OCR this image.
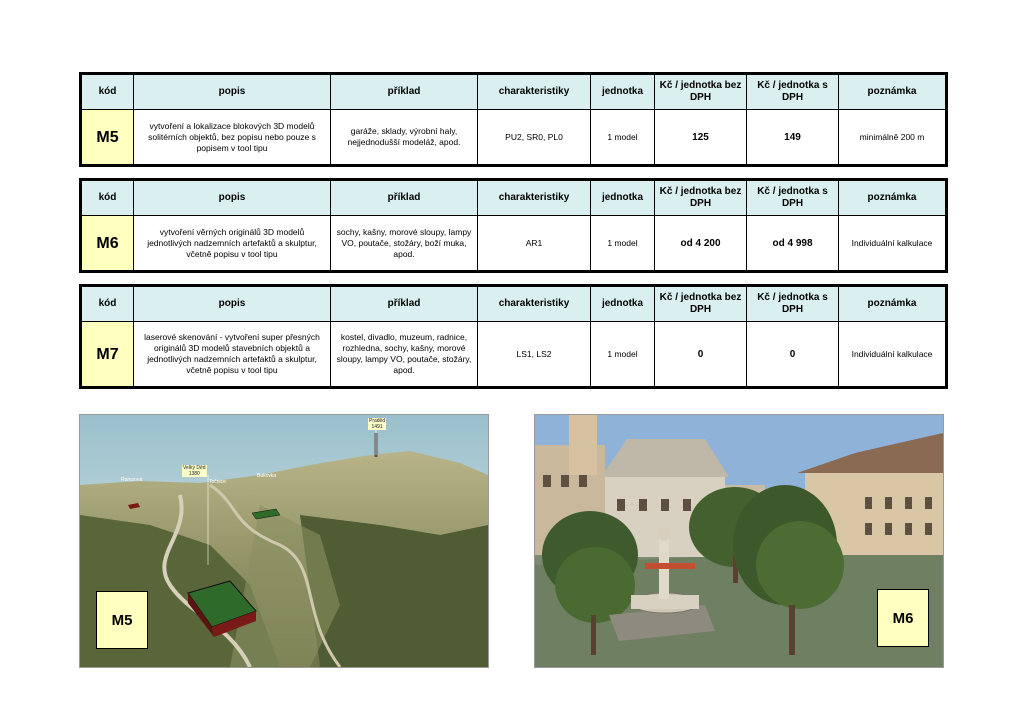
kód	popis	příklad	charakteristiky	jednotka	Kč / jednotka bez DPH	Kč / jednotka s DPH	poznámka
M5	vytvoření a lokalizace blokových 3D modelů solitérních objektů, bez popisu nebo pouze s popisem v tool tipu	garáže, sklady, výrobní haly, nejjednodušší modeláž, apod.	PU2, SR0, PL0	1 model	125	149	minimálně 200 m
kód	popis	příklad	charakteristiky	jednotka	Kč / jednotka bez DPH	Kč / jednotka s DPH	poznámka
M6	vytvoření věrných originálů 3D modelů jednotlivých nadzemních artefaktů a skulptur, včetně popisu v tool tipu	sochy, kašny, morové sloupy, lampy VO, poutače, stožáry, boží muka, apod.	AR1	1 model	od 4 200	od 4 998	Individuální kalkulace
kód	popis	příklad	charakteristiky	jednotka	Kč / jednotka bez DPH	Kč / jednotka s DPH	poznámka
M7	laserové skenování - vytvoření super přesných originálů 3D modelů stavebních objektů a jednotlivých nadzemních artefaktů a skulptur, včetně popisu v tool tipu	kostel, divadlo, muzeum, radnice, rozhledna, sochy, kašny, morové sloupy, lampy VO, poutače, stožáry, apod.	LS1, LS2	1 model	0	0	Individuální kalkulace
Praděd
1491
Velký Děd
1380
Ramzová	Točnice
Bukovka
M5	M6
